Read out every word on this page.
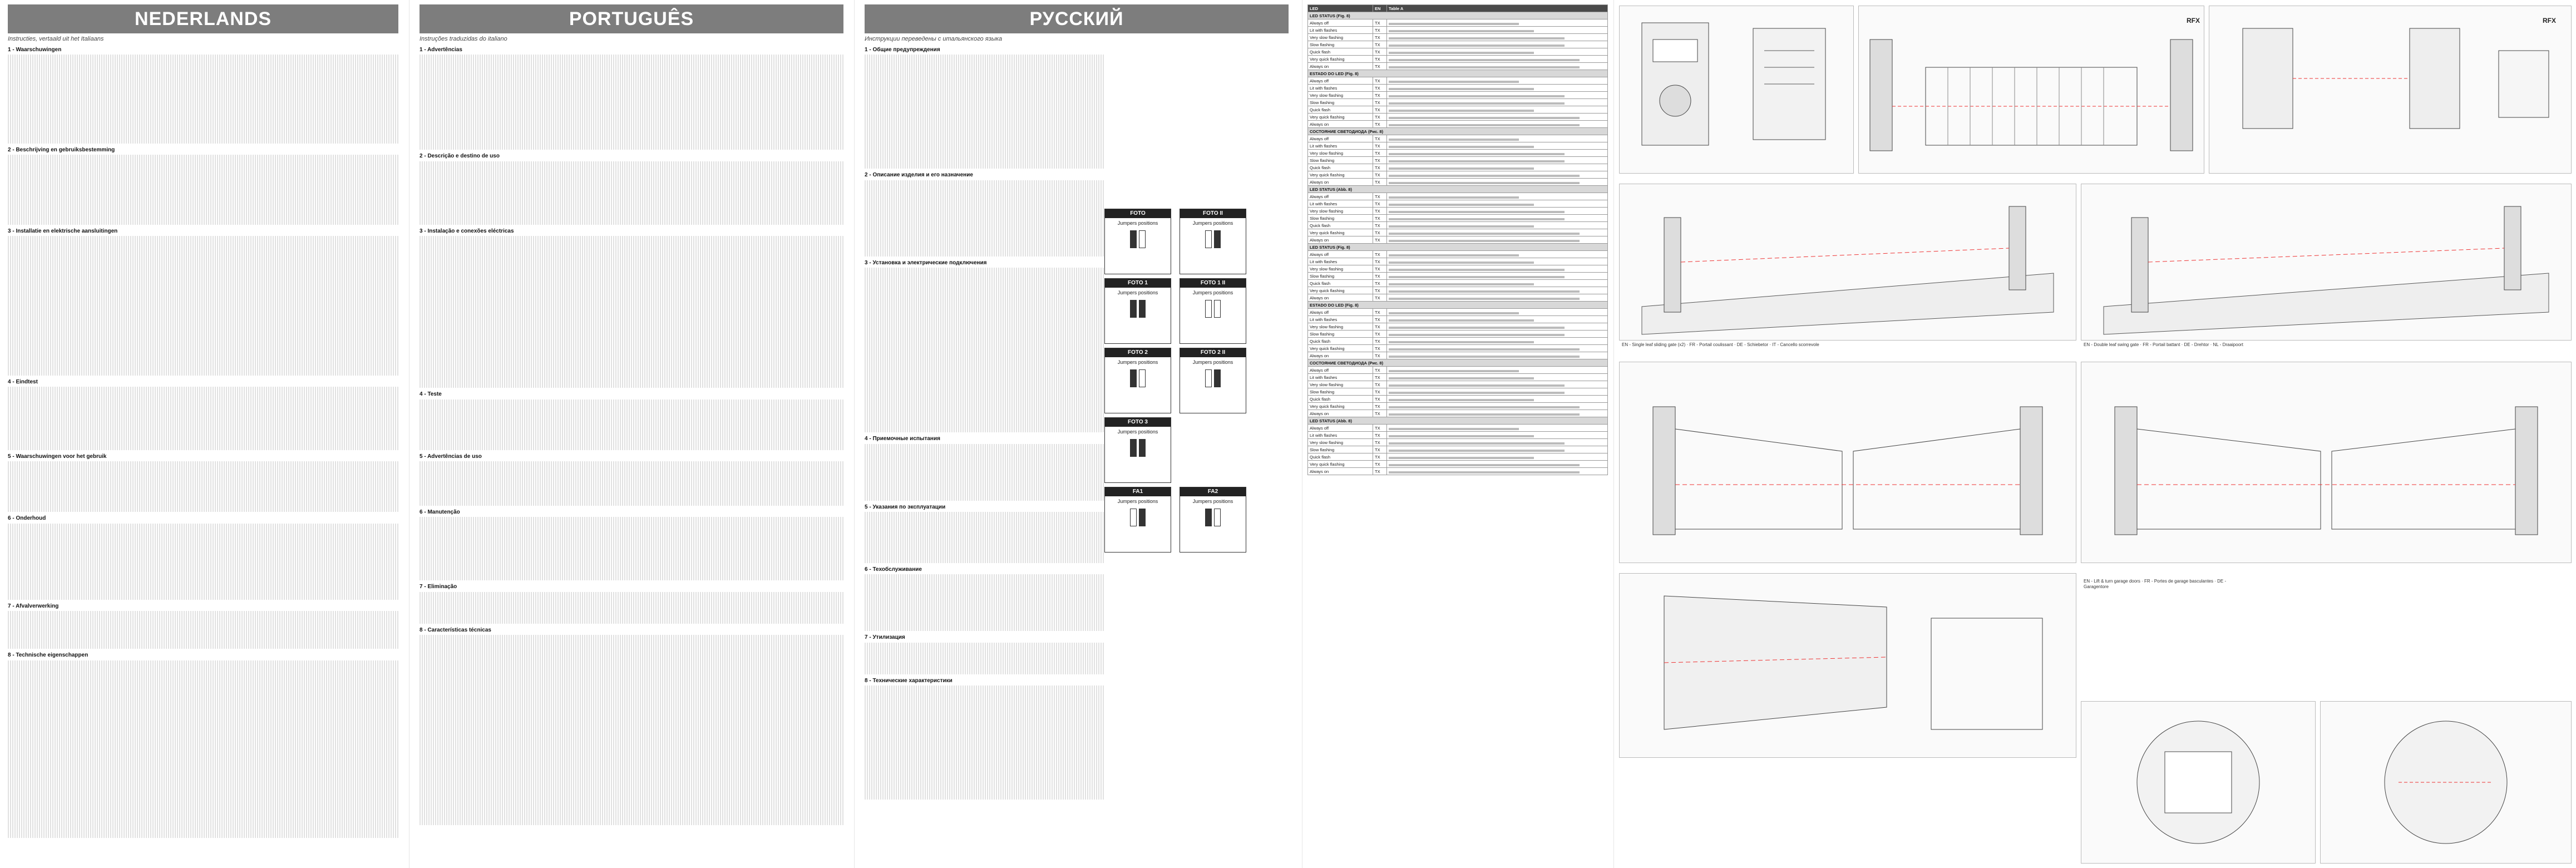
NEDERLANDS
Instructies, vertaald uit het Italiaans
1 - Waarschuwingen
2 - Beschrijving en gebruiksbestemming
3 - Installatie en elektrische aansluitingen
4 - Eindtest
5 - Waarschuwingen voor het gebruik
6 - Onderhoud
7 - Afvalverwerking
8 - Technische eigenschappen
PORTUGUÊS
Instruções traduzidas do italiano
1 - Advertências
2 - Descrição e destino de uso
3 - Instalação e conexões eléctricas
4 - Teste
5 - Advertências de uso
6 - Manutenção
7 - Eliminação
8 - Características técnicas
РУССКИЙ
Инструкции переведены с итальянского языка
1 - Общие предупреждения
2 - Описание изделия и его назначение
3 - Установка и электрические подключения
4 - Приемочные испытания
5 - Указания по эксплуатации
6 - Техобслуживание
7 - Утилизация
8 - Технические характеристики
FOTO
Jumpers positions
FOTO II
Jumpers positions
FOTO 1
Jumpers positions
FOTO 1 II
Jumpers positions
FOTO 2
Jumpers positions
FOTO 2 II
Jumpers positions
FOTO 3
Jumpers positions
FA1
Jumpers positions
FA2
Jumpers positions
LED	EN	Table A
LED STATUS (Fig. 8)		
Always off	TX	

Lit with flashes	TX	

Very slow flashing	TX	

Slow flashing	TX	

Quick flash	TX	

Very quick flashing	TX	

Always on	TX	

ESTADO DO LED (Fig. 8)		
Always off	TX	

Lit with flashes	TX	

Very slow flashing	TX	

Slow flashing	TX	

Quick flash	TX	

Very quick flashing	TX	

Always on	TX	

СОСТОЯНИЕ СВЕТОДИОДА (Рис. 8)		
Always off	TX	

Lit with flashes	TX	

Very slow flashing	TX	

Slow flashing	TX	

Quick flash	TX	

Very quick flashing	TX	

Always on	TX	

LED STATUS (Abb. 8)		
Always off	TX	

Lit with flashes	TX	

Very slow flashing	TX	

Slow flashing	TX	

Quick flash	TX	

Very quick flashing	TX	

Always on	TX	

LED STATUS (Fig. 8)		
Always off	TX	

Lit with flashes	TX	

Very slow flashing	TX	

Slow flashing	TX	

Quick flash	TX	

Very quick flashing	TX	

Always on	TX	

ESTADO DO LED (Fig. 8)		
Always off	TX	

Lit with flashes	TX	

Very slow flashing	TX	

Slow flashing	TX	

Quick flash	TX	

Very quick flashing	TX	

Always on	TX	

СОСТОЯНИЕ СВЕТОДИОДА (Рис. 8)		
Always off	TX	

Lit with flashes	TX	

Very slow flashing	TX	

Slow flashing	TX	

Quick flash	TX	

Very quick flashing	TX	

Always on	TX	

LED STATUS (Abb. 8)		
Always off	TX	

Lit with flashes	TX	

Very slow flashing	TX	

Slow flashing	TX	

Quick flash	TX	

Very quick flashing	TX	

Always on	TX	
RFX	RFX
EN - Single leaf sliding gate (x2) · FR - Portail coulissant · DE - Schiebetor · IT - Cancello scorrevole	EN - Double leaf swing gate · FR - Portail battant · DE - Drehtor · NL - Draaipoort
EN - Lift & turn garage doors · FR - Portes de garage basculantes · DE - Garagentore
